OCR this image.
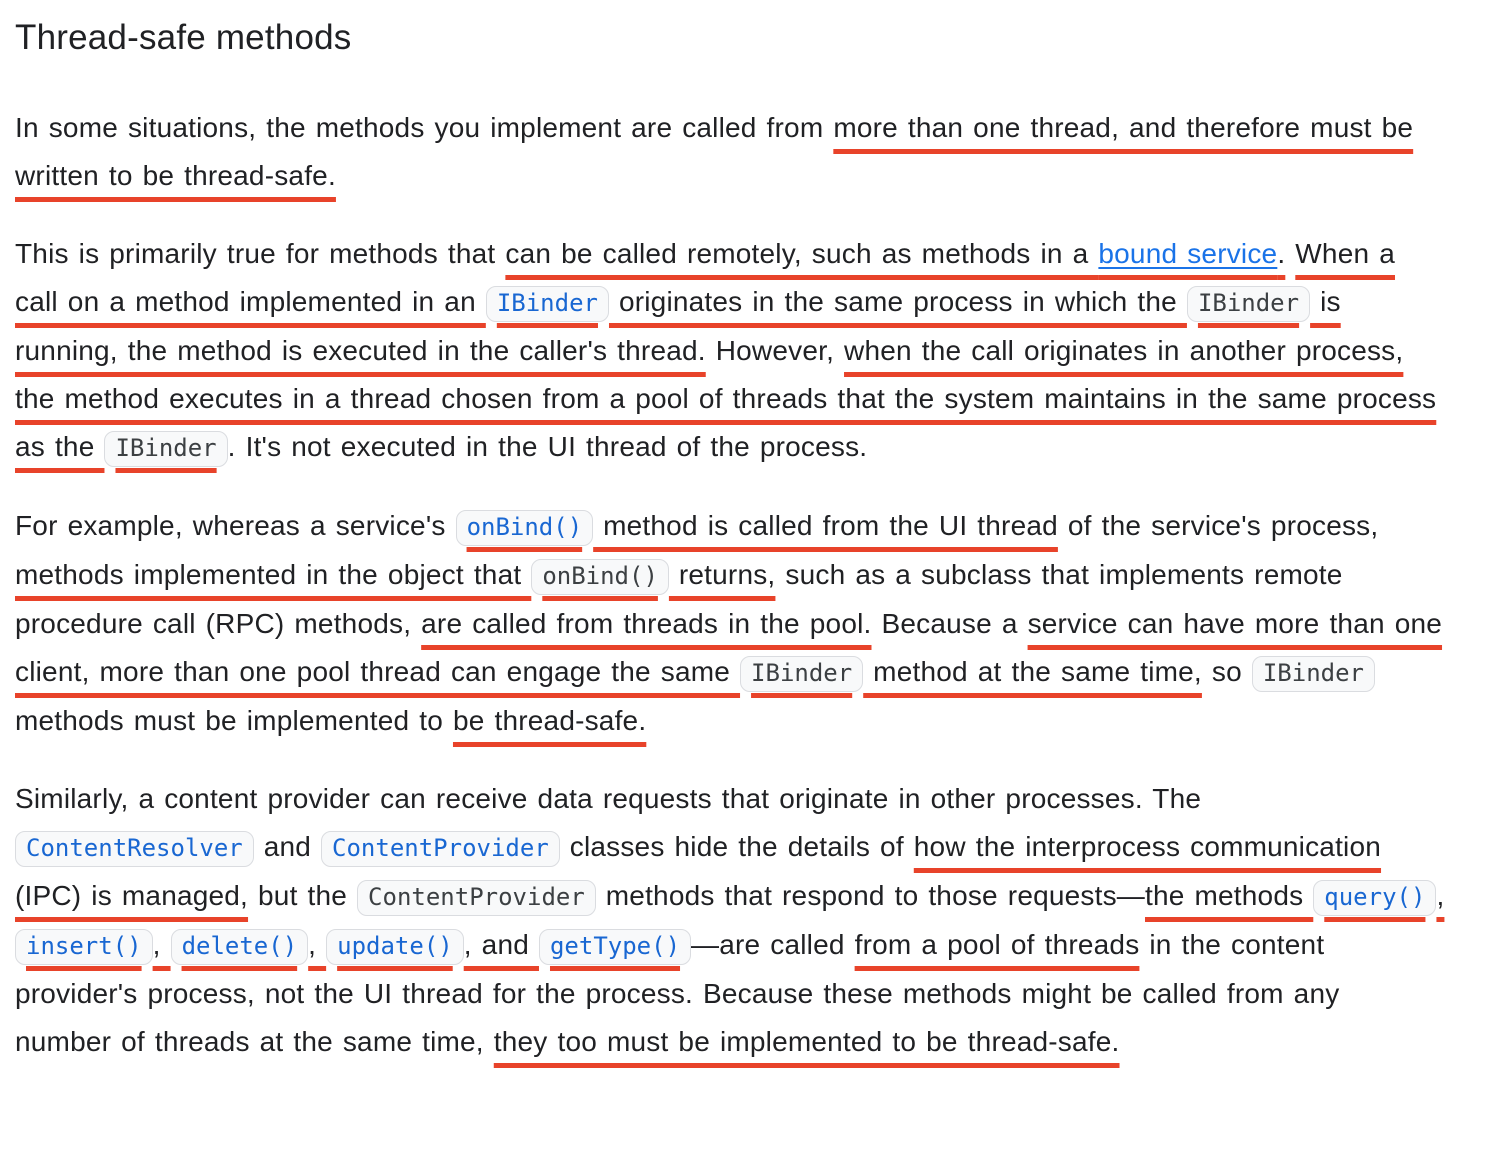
Thread-safe methods

In some situations, the methods you implement are called from more than one thread, and therefore must be written to be thread-safe.

This is primarily true for methods that can be called remotely, such as methods in a bound service. When a call on a method implemented in an IBinder originates in the same process in which the IBinder is running, the method is executed in the caller's thread. However, when the call originates in another process, the method executes in a thread chosen from a pool of threads that the system maintains in the same process as the IBinder . It's not executed in the UI thread of the process.

For example, whereas a service's onBind() method is called from the UI thread of the service's process, methods implemented in the object that onBind() returns, such as a subclass that implements remote procedure call (RPC) methods, are called from threads in the pool. Because a service can have more than one client, more than one pool thread can engage the same IBinder method at the same time, so IBinder methods must be implemented to be thread-safe.

Similarly, a content provider can receive data requests that originate in other processes. The ContentResolver and ContentProvider classes hide the details of how the interprocess communication (IPC) is managed, but the ContentProvider methods that respond to those requests—the methods query() , insert() , delete() , update() , and getType() —are called from a pool of threads in the content provider's process, not the UI thread for the process. Because these methods might be called from any number of threads at the same time, they too must be implemented to be thread-safe.
